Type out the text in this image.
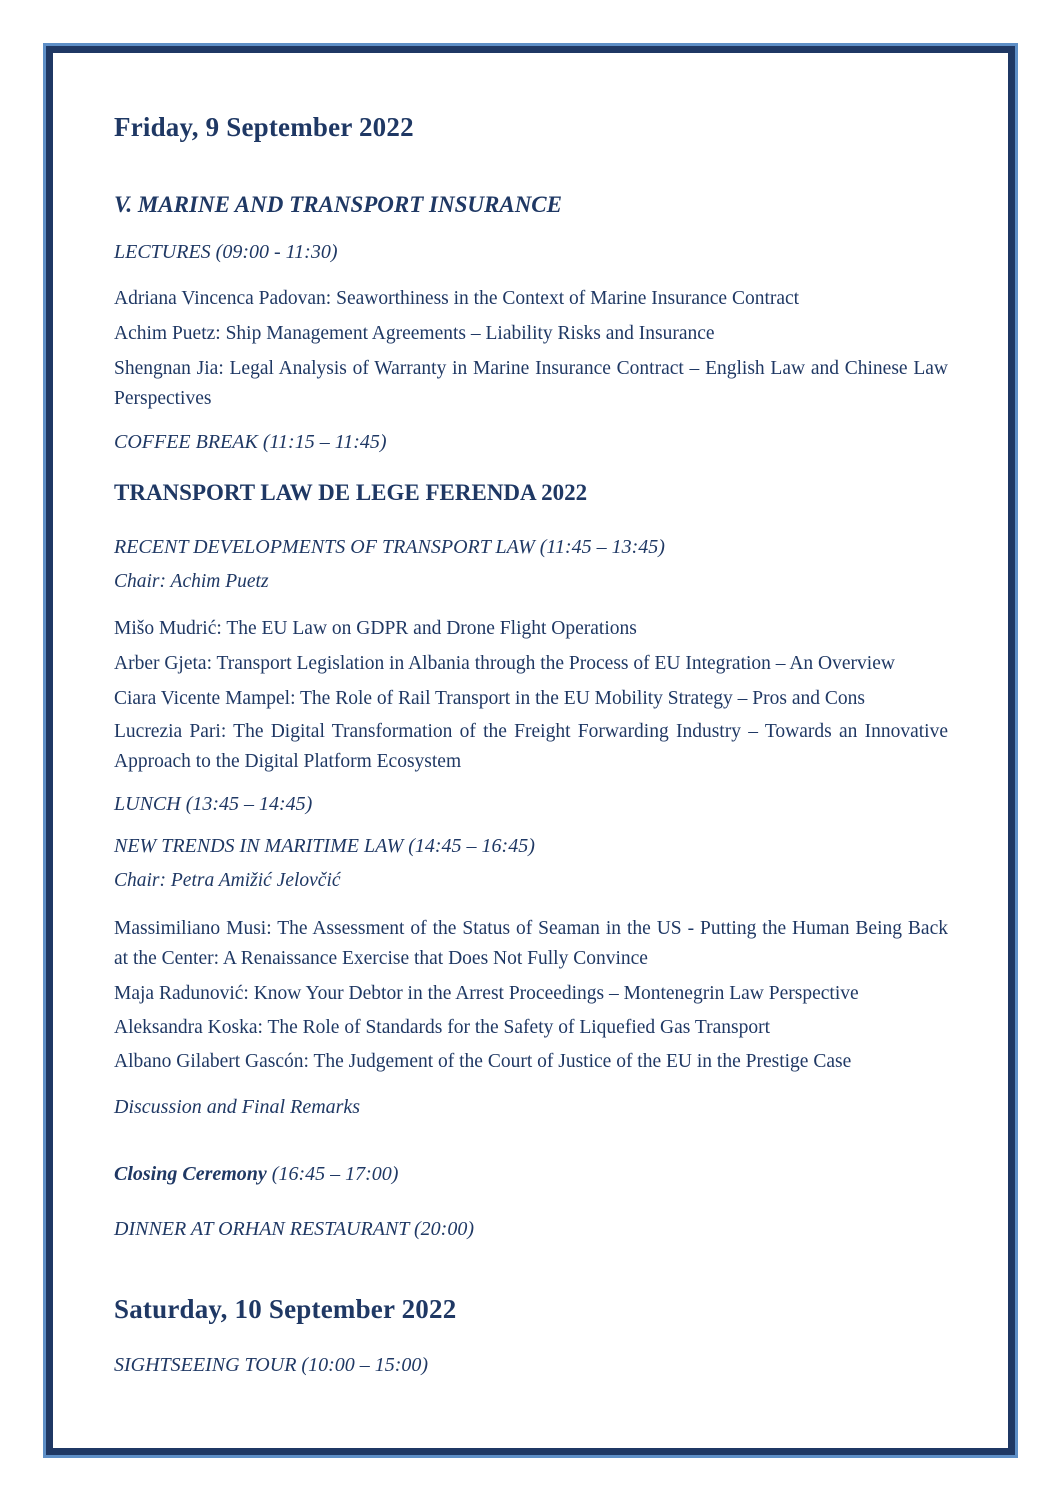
Friday, 9 September 2022
V. MARINE AND TRANSPORT INSURANCE

LECTURES (09:00 - 11:30)

Adriana Vincenca Padovan: Seaworthiness in the Context of Marine Insurance Contract

Achim Puetz: Ship Management Agreements – Liability Risks and Insurance

Shengnan Jia: Legal Analysis of Warranty in Marine Insurance Contract – English Law and Chinese Law Perspectives

COFFEE BREAK (11:15 – 11:45)

TRANSPORT LAW DE LEGE FERENDA 2022

RECENT DEVELOPMENTS OF TRANSPORT LAW (11:45 – 13:45)

Chair: Achim Puetz

Mišo Mudrić: The EU Law on GDPR and Drone Flight Operations

Arber Gjeta: Transport Legislation in Albania through the Process of EU Integration – An Overview

Ciara Vicente Mampel: The Role of Rail Transport in the EU Mobility Strategy – Pros and Cons

Lucrezia Pari: The Digital Transformation of the Freight Forwarding Industry – Towards an Innovative Approach to the Digital Platform Ecosystem

LUNCH (13:45 – 14:45)

NEW TRENDS IN MARITIME LAW (14:45 – 16:45)

Chair: Petra Amižić Jelovčić

Massimiliano Musi: The Assessment of the Status of Seaman in the US - Putting the Human Being Back at the Center: A Renaissance Exercise that Does Not Fully Convince

Maja Radunović: Know Your Debtor in the Arrest Proceedings – Montenegrin Law Perspective

Aleksandra Koska: The Role of Standards for the Safety of Liquefied Gas Transport

Albano Gilabert Gascón: The Judgement of the Court of Justice of the EU in the Prestige Case

Discussion and Final Remarks

Closing Ceremony (16:45 – 17:00)

DINNER AT ORHAN RESTAURANT (20:00)

Saturday, 10 September 2022

SIGHTSEEING TOUR (10:00 – 15:00)
